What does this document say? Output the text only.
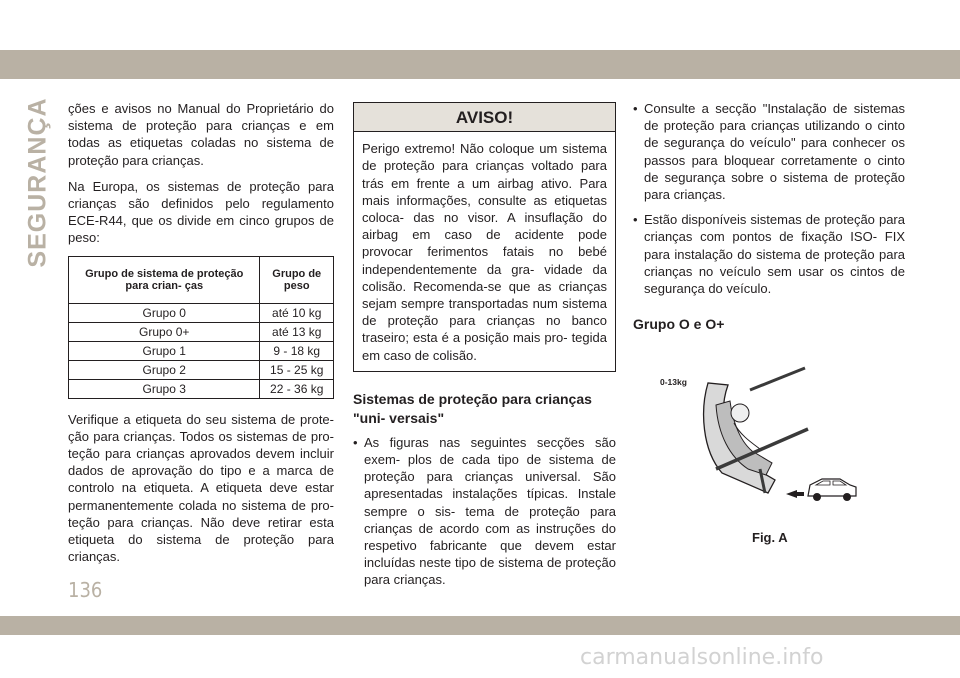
SEGURANÇA ções e avisos no Manual do Proprietário do sistema de proteção para crianças e em todas as etiquetas coladas no sistema de proteção para crianças.

Na Europa, os sistemas de proteção para crianças são definidos pelo regulamento ECE-R44, que os divide em cinco grupos de peso:

Grupo de sistema de proteção para crian- ças	Grupo de peso
Grupo 0	até 10 kg
Grupo 0+	até 13 kg
Grupo 1	9 - 18 kg
Grupo 2	15 - 25 kg
Grupo 3	22 - 36 kg

Verifique a etiqueta do seu sistema de prote- ção para crianças. Todos os sistemas de pro- teção para crianças aprovados devem incluir dados de aprovação do tipo e a marca de controlo na etiqueta. A etiqueta deve estar permanentemente colada no sistema de pro- teção para crianças. Não deve retirar esta etiqueta do sistema de proteção para crianças.

AVISO!
Perigo extremo! Não coloque um sistema de proteção para crianças voltado para trás em frente a um airbag ativo. Para mais informações, consulte as etiquetas coloca- das no visor. A insuflação do airbag em caso de acidente pode provocar ferimentos fatais no bebé independentemente da gra- vidade da colisão. Recomenda-se que as crianças sejam sempre transportadas num sistema de proteção para crianças no banco traseiro; esta é a posição mais pro- tegida em caso de colisão.
Sistemas de proteção para crianças "uni- versais"
• As figuras nas seguintes secções são exem- plos de cada tipo de sistema de proteção para crianças universal. São apresentadas instalações típicas. Instale sempre o sis- tema de proteção para crianças de acordo com as instruções do respetivo fabricante que devem estar incluídas neste tipo de sistema de proteção para crianças.
• Consulte a secção "Instalação de sistemas de proteção para crianças utilizando o cinto de segurança do veículo" para conhecer os passos para bloquear corretamente o cinto de segurança sobre o sistema de proteção para crianças.
• Estão disponíveis sistemas de proteção para crianças com pontos de fixação ISO- FIX para instalação do sistema de proteção para crianças no veículo sem usar os cintos de segurança do veículo.
Grupo O e O+
0-13kg
Fig. A
136
carmanualsonline.info
